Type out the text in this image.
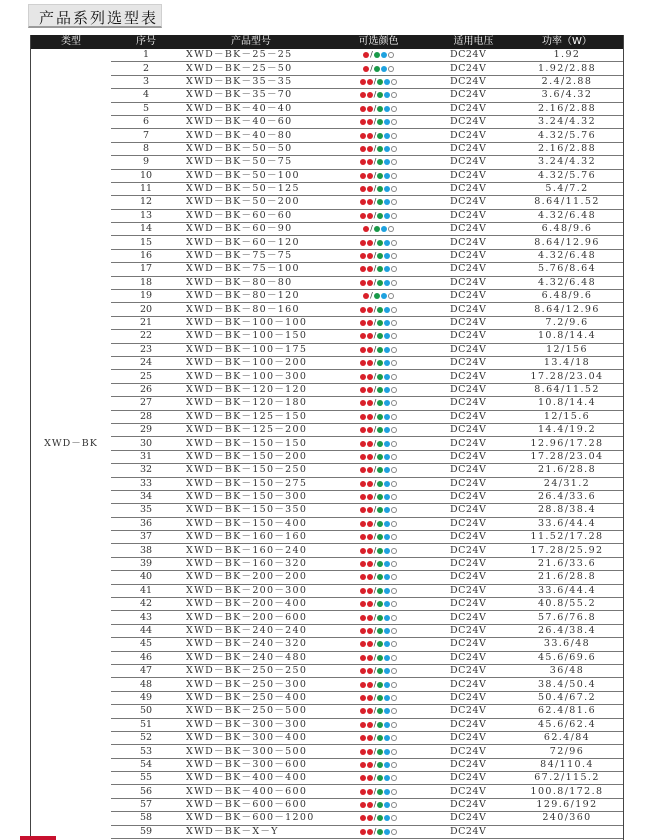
产品系列选型表
类型	序号	产品型号	可选颜色	适用电压	功率（W）
XWD－BK	1	XWD－BK－25－25	/	DC24V	1.92
	2	XWD－BK－25－50	/	DC24V	1.92/2.88
	3	XWD－BK－35－35	/	DC24V	2.4/2.88
	4	XWD－BK－35－70	/	DC24V	3.6/4.32
	5	XWD－BK－40－40	/	DC24V	2.16/2.88
	6	XWD－BK－40－60	/	DC24V	3.24/4.32
	7	XWD－BK－40－80	/	DC24V	4.32/5.76
	8	XWD－BK－50－50	/	DC24V	2.16/2.88
	9	XWD－BK－50－75	/	DC24V	3.24/4.32
	10	XWD－BK－50－100	/	DC24V	4.32/5.76
	11	XWD－BK－50－125	/	DC24V	5.4/7.2
	12	XWD－BK－50－200	/	DC24V	8.64/11.52
	13	XWD－BK－60－60	/	DC24V	4.32/6.48
	14	XWD－BK－60－90	/	DC24V	6.48/9.6
	15	XWD－BK－60－120	/	DC24V	8.64/12.96
	16	XWD－BK－75－75	/	DC24V	4.32/6.48
	17	XWD－BK－75－100	/	DC24V	5.76/8.64
	18	XWD－BK－80－80	/	DC24V	4.32/6.48
	19	XWD－BK－80－120	/	DC24V	6.48/9.6
	20	XWD－BK－80－160	/	DC24V	8.64/12.96
	21	XWD－BK－100－100	/	DC24V	7.2/9.6
	22	XWD－BK－100－150	/	DC24V	10.8/14.4
	23	XWD－BK－100－175	/	DC24V	12/156
	24	XWD－BK－100－200	/	DC24V	13.4/18
	25	XWD－BK－100－300	/	DC24V	17.28/23.04
	26	XWD－BK－120－120	/	DC24V	8.64/11.52
	27	XWD－BK－120－180	/	DC24V	10.8/14.4
	28	XWD－BK－125－150	/	DC24V	12/15.6
	29	XWD－BK－125－200	/	DC24V	14.4/19.2
	30	XWD－BK－150－150	/	DC24V	12.96/17.28
	31	XWD－BK－150－200	/	DC24V	17.28/23.04
	32	XWD－BK－150－250	/	DC24V	21.6/28.8
	33	XWD－BK－150－275	/	DC24V	24/31.2
	34	XWD－BK－150－300	/	DC24V	26.4/33.6
	35	XWD－BK－150－350	/	DC24V	28.8/38.4
	36	XWD－BK－150－400	/	DC24V	33.6/44.4
	37	XWD－BK－160－160	/	DC24V	11.52/17.28
	38	XWD－BK－160－240	/	DC24V	17.28/25.92
	39	XWD－BK－160－320	/	DC24V	21.6/33.6
	40	XWD－BK－200－200	/	DC24V	21.6/28.8
	41	XWD－BK－200－300	/	DC24V	33.6/44.4
	42	XWD－BK－200－400	/	DC24V	40.8/55.2
	43	XWD－BK－200－600	/	DC24V	57.6/76.8
	44	XWD－BK－240－240	/	DC24V	26.4/38.4
	45	XWD－BK－240－320	/	DC24V	33.6/48
	46	XWD－BK－240－480	/	DC24V	45.6/69.6
	47	XWD－BK－250－250	/	DC24V	36/48
	48	XWD－BK－250－300	/	DC24V	38.4/50.4
	49	XWD－BK－250－400	/	DC24V	50.4/67.2
	50	XWD－BK－250－500	/	DC24V	62.4/81.6
	51	XWD－BK－300－300	/	DC24V	45.6/62.4
	52	XWD－BK－300－400	/	DC24V	62.4/84
	53	XWD－BK－300－500	/	DC24V	72/96
	54	XWD－BK－300－600	/	DC24V	84/110.4
	55	XWD－BK－400－400	/	DC24V	67.2/115.2
	56	XWD－BK－400－600	/	DC24V	100.8/172.8
	57	XWD－BK－600－600	/	DC24V	129.6/192
	58	XWD－BK－600－1200	/	DC24V	240/360
	59	XWD－BK－X－Y	/	DC24V	
